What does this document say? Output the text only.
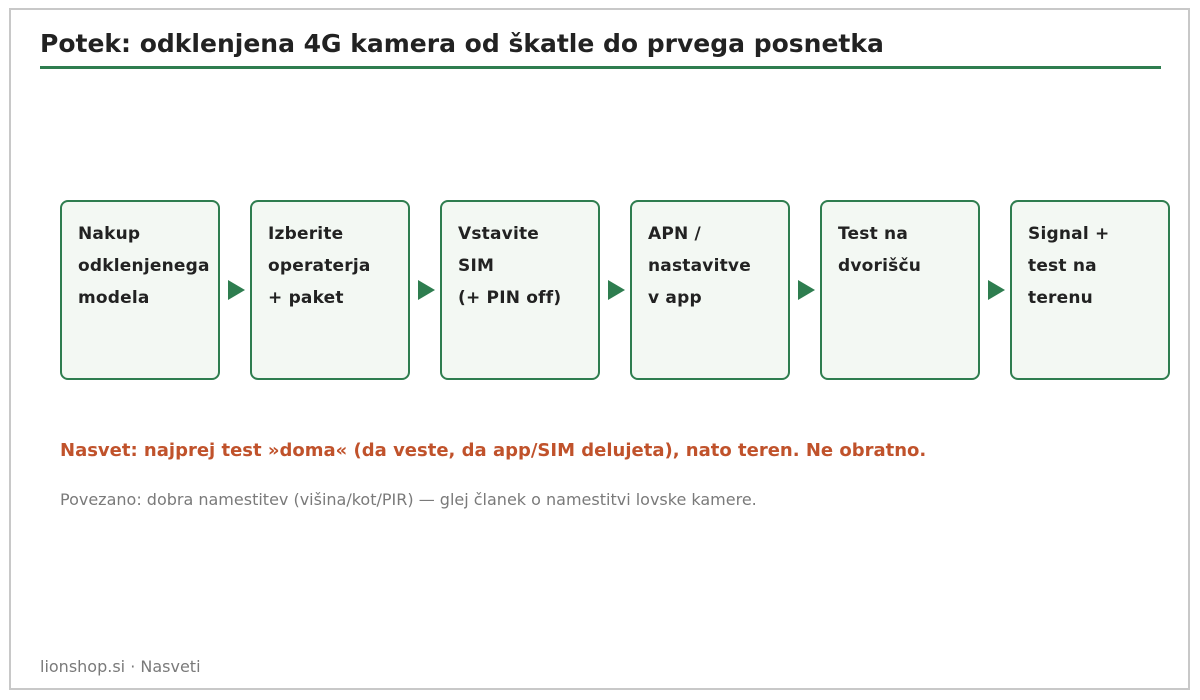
Potek: odklenjena 4G kamera od škatle do prvega posnetka
Nakup
odklenjenega
modela
Izberite
operaterja
+ paket
Vstavite
SIM
(+ PIN off)
APN /
nastavitve
v app
Test na
dvorišču
Signal +
test na
terenu
Nasvet: najprej test »doma« (da veste, da app/SIM delujeta), nato teren. Ne obratno.
Povezano: dobra namestitev (višina/kot/PIR) — glej članek o namestitvi lovske kamere.
lionshop.si · Nasveti
